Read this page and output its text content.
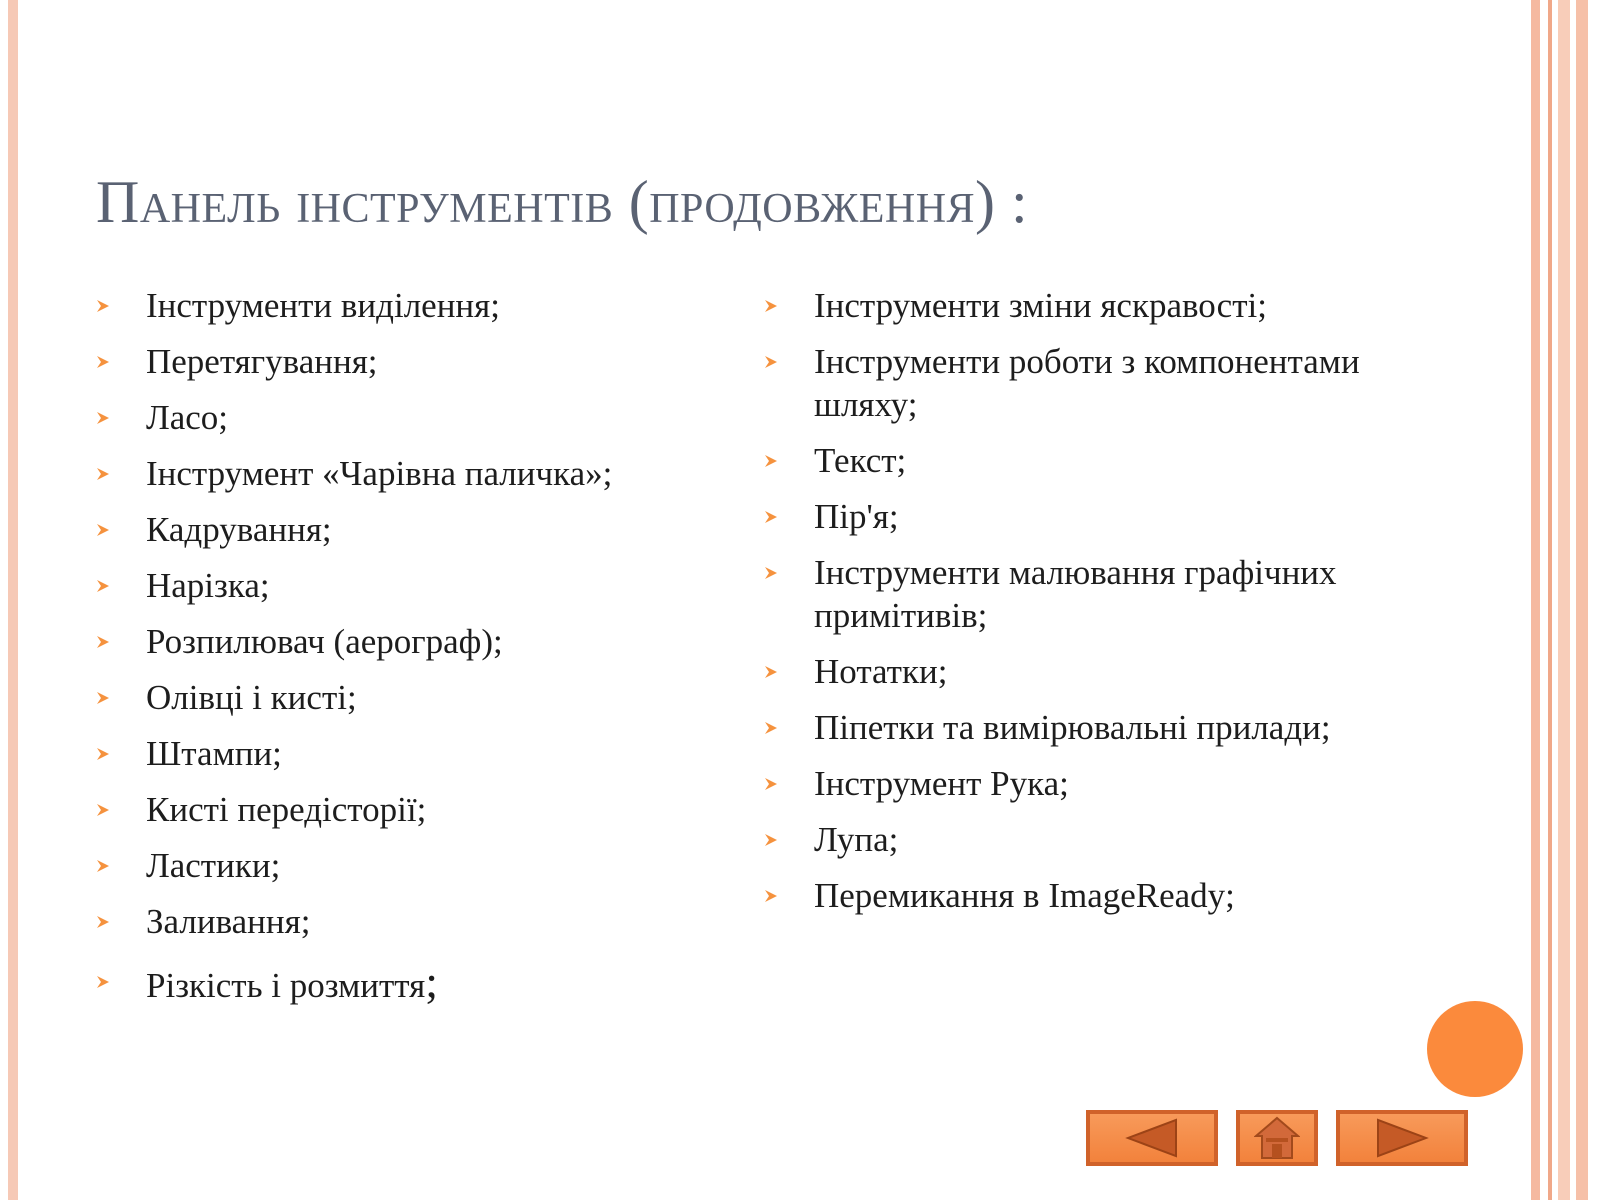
Панель інструментів (продовження) :
Інструменти виділення;
Перетягування;
Ласо;
Інструмент «Чарівна паличка»;
Кадрування;
Нарізка;
Розпилювач (аерограф);
Олівці і кисті;
Штампи;
Кисті передісторії;
Ластики;
Заливання;
Різкість і розмиття;
Інструменти зміни яскравості;
Інструменти роботи з компонентами шляху;
Текст;
Пір'я;
Інструменти малювання графічних примітивів;
Нотатки;
Піпетки та вимірювальні прилади;
Інструмент Рука;
Лупа;
Перемикання в ImageReady;
